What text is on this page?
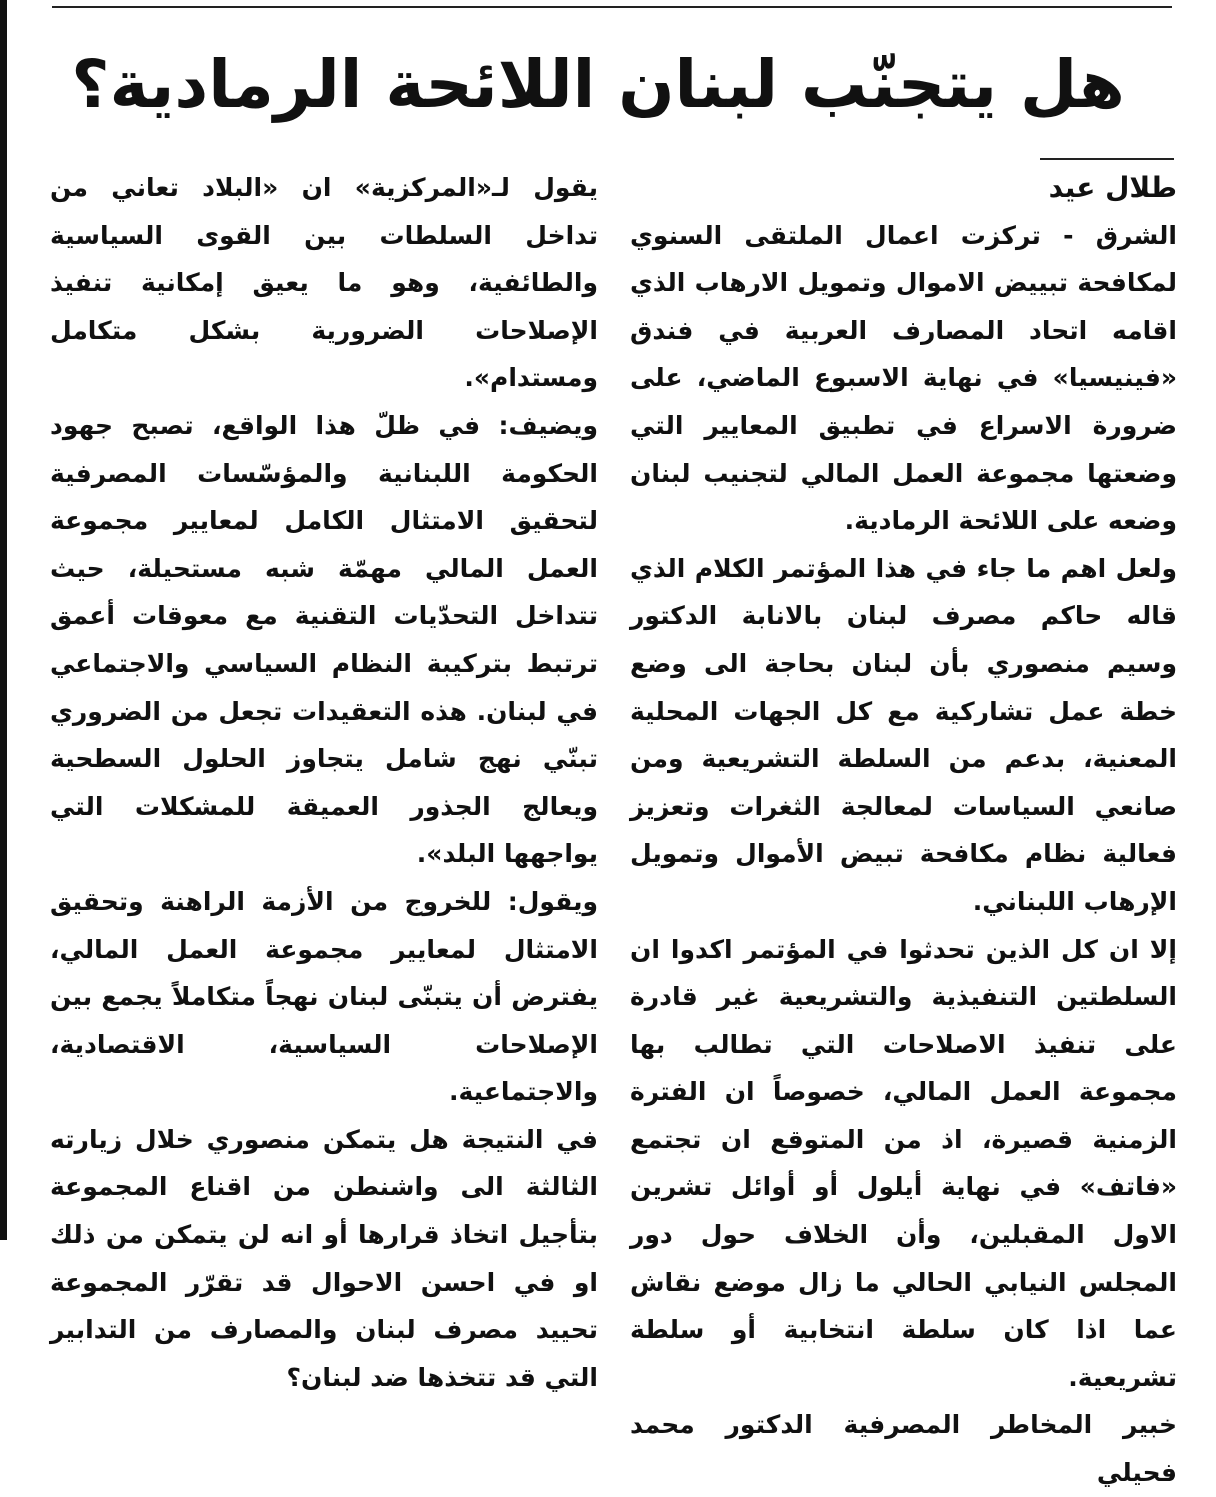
هل يتجنّب لبنان اللائحة الرمادية؟

طلال عيد

الشرق - تركزت اعمال الملتقى السنوي لمكافحة تبييض الاموال وتمويل الارهاب الذي اقامه اتحاد المصارف العربية في فندق «فينيسيا» في نهاية الاسبوع الماضي، على ضرورة الاسراع في تطبيق المعايير التي وضعتها مجموعة العمل المالي لتجنيب لبنان وضعه على اللائحة الرمادية.

ولعل اهم ما جاء في هذا المؤتمر الكلام الذي قاله حاكم مصرف لبنان بالانابة الدكتور وسيم منصوري بأن لبنان بحاجة الى وضع خطة عمل تشاركية مع كل الجهات المحلية المعنية، بدعم من السلطة التشريعية ومن صانعي السياسات لمعالجة الثغرات وتعزيز فعالية نظام مكافحة تبيض الأموال وتمويل الإرهاب اللبناني.

إلا ان كل الذين تحدثوا في المؤتمر اكدوا ان السلطتين التنفيذية والتشريعية غير قادرة على تنفيذ الاصلاحات التي تطالب بها مجموعة العمل المالي، خصوصاً ان الفترة الزمنية قصيرة، اذ من المتوقع ان تجتمع «فاتف» في نهاية أيلول أو أوائل تشرين الاول المقبلين، وأن الخلاف حول دور المجلس النيابي الحالي ما زال موضع نقاش عما اذا كان سلطة انتخابية أو سلطة تشريعية.

خبير المخاطر المصرفية الدكتور محمد فحيلي

يقول لـ«المركزية» ان «البلاد تعاني من تداخل السلطات بين القوى السياسية والطائفية، وهو ما يعيق إمكانية تنفيذ الإصلاحات الضرورية بشكل متكامل ومستدام».

ويضيف: في ظلّ هذا الواقع، تصبح جهود الحكومة اللبنانية والمؤسّسات المصرفية لتحقيق الامتثال الكامل لمعايير مجموعة العمل المالي مهمّة شبه مستحيلة، حيث تتداخل التحدّيات التقنية مع معوقات أعمق ترتبط بتركيبة النظام السياسي والاجتماعي في لبنان. هذه التعقيدات تجعل من الضروري تبنّي نهج شامل يتجاوز الحلول السطحية ويعالج الجذور العميقة للمشكلات التي يواجهها البلد».

ويقول: للخروج من الأزمة الراهنة وتحقيق الامتثال لمعايير مجموعة العمل المالي، يفترض أن يتبنّى لبنان نهجاً متكاملاً يجمع بين الإصلاحات السياسية، الاقتصادية، والاجتماعية.

في النتيجة هل يتمكن منصوري خلال زيارته الثالثة الى واشنطن من اقناع المجموعة بتأجيل اتخاذ قرارها أو انه لن يتمكن من ذلك او في احسن الاحوال قد تقرّر المجموعة تحييد مصرف لبنان والمصارف من التدابير التي قد تتخذها ضد لبنان؟
